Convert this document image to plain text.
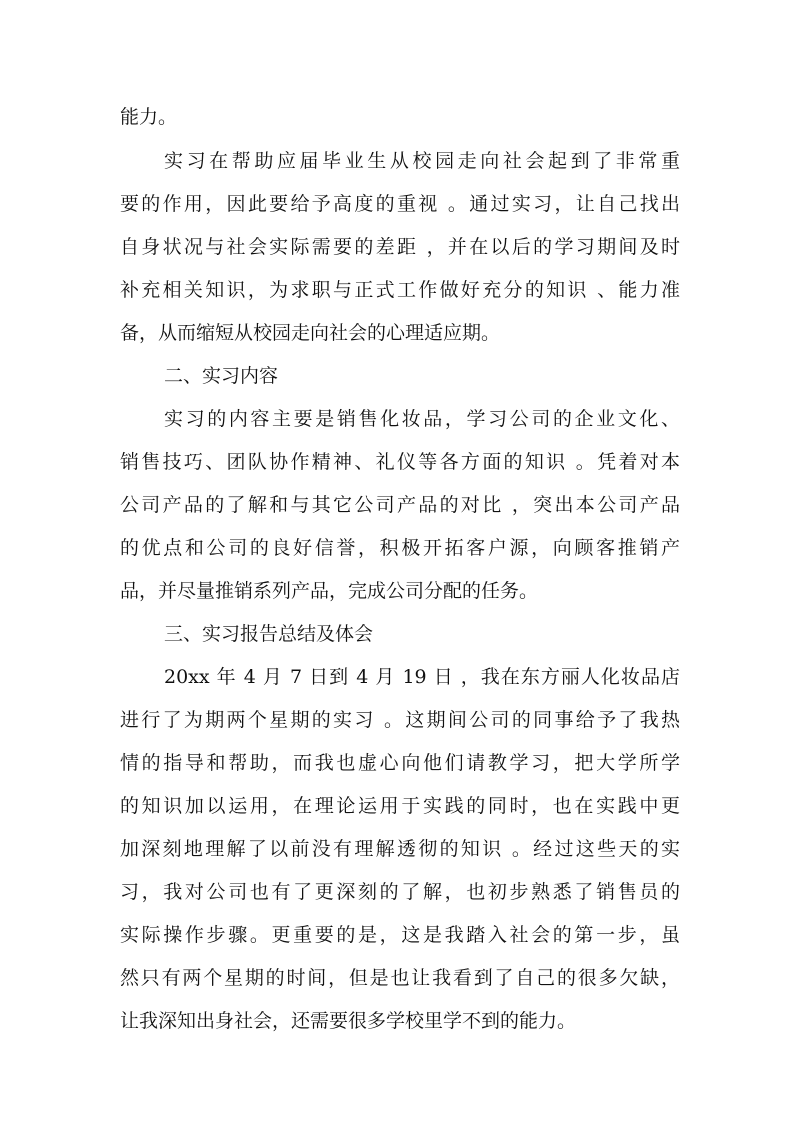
能力。
实习在帮助应届毕业生从校园走向社会起到了非常重
要的作用，因此要给予高度的重视 。通过实习，让自己找出
自身状况与社会实际需要的差距 ，并在以后的学习期间及时
补充相关知识，为求职与正式工作做好充分的知识 、能力准
备，从而缩短从校园走向社会的心理适应期。
二、实习内容
实习的内容主要是销售化妆品，学习公司的企业文化、
销售技巧、团队协作精神、礼仪等各方面的知识 。凭着对本
公司产品的了解和与其它公司产品的对比 ，突出本公司产品
的优点和公司的良好信誉，积极开拓客户源，向顾客推销产
品，并尽量推销系列产品，完成公司分配的任务。
三、实习报告总结及体会
20xx 年 4 月 7 日到 4 月 19 日 ，我在东方丽人化妆品店
进行了为期两个星期的实习 。这期间公司的同事给予了我热
情的指导和帮助，而我也虚心向他们请教学习，把大学所学
的知识加以运用，在理论运用于实践的同时，也在实践中更
加深刻地理解了以前没有理解透彻的知识 。经过这些天的实
习，我对公司也有了更深刻的了解，也初步熟悉了销售员的
实际操作步骤。更重要的是，这是我踏入社会的第一步，虽
然只有两个星期的时间，但是也让我看到了自己的很多欠缺，
让我深知出身社会，还需要很多学校里学不到的能力。
